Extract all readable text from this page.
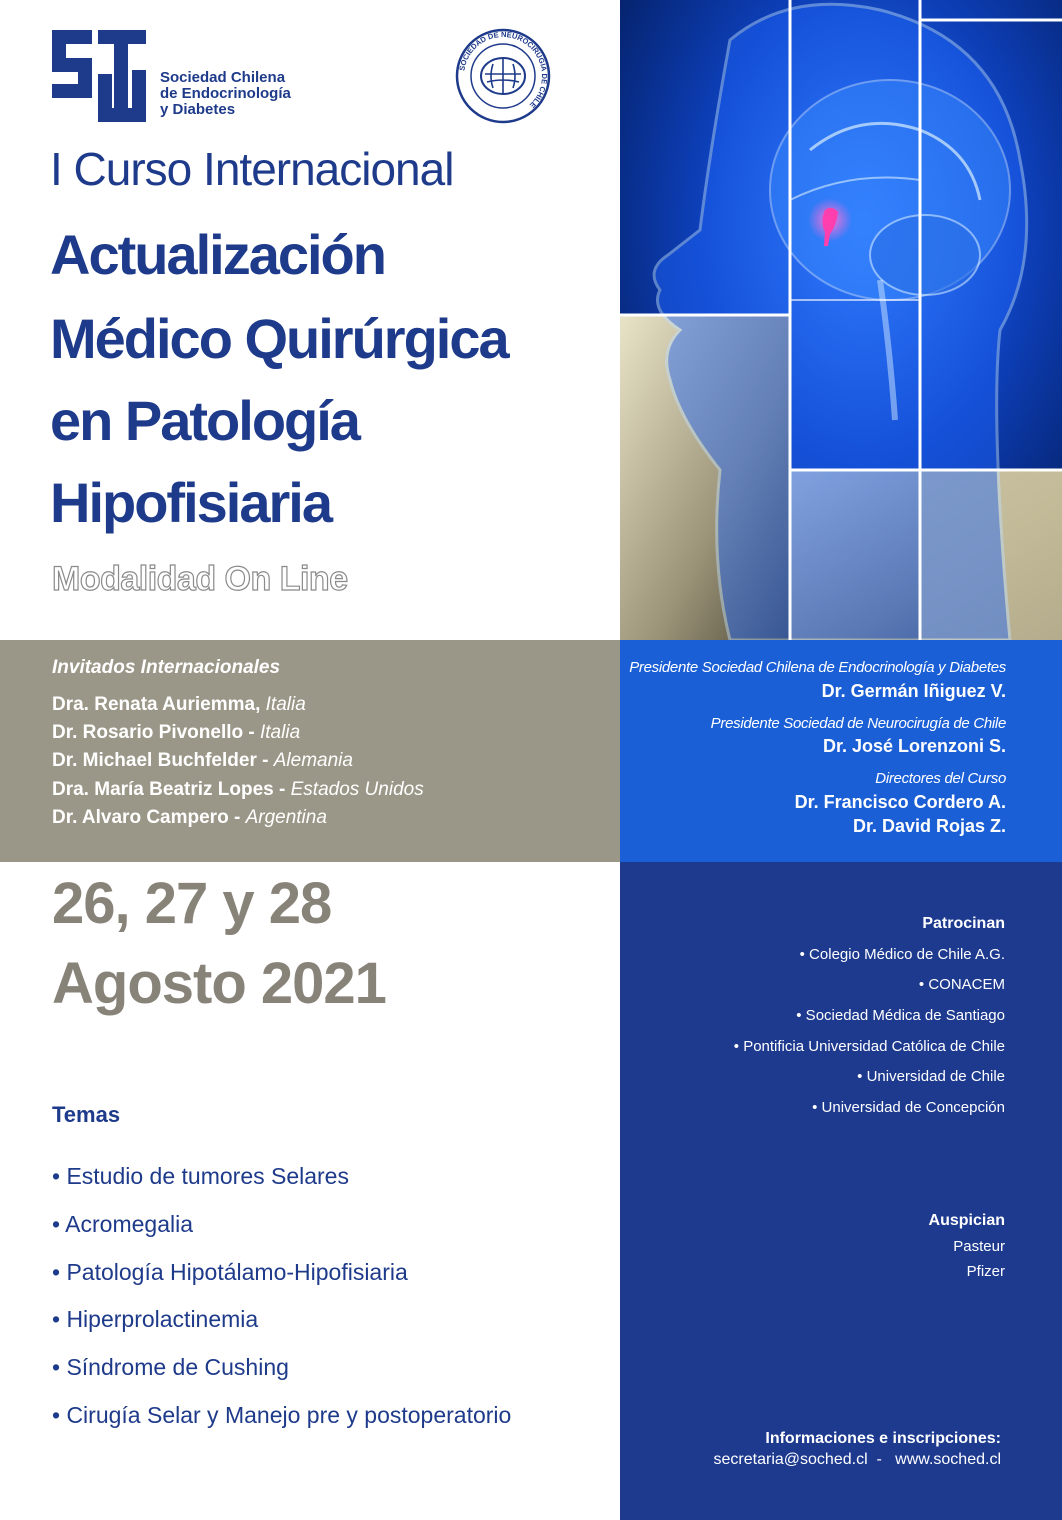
Sociedad Chilena
de Endocrinología
y Diabetes
SOCIEDAD DE NEUROCIRUGIA DE CHILE
I Curso Internacional
Actualización
Médico Quirúrgica
en Patología
Hipofisiaria
Modalidad On Line
Invitados Internacionales
Dra. Renata Auriemma, Italia
Dr. Rosario Pivonello - Italia
Dr. Michael Buchfelder - Alemania
Dra. María Beatriz Lopes - Estados Unidos
Dr. Alvaro Campero - Argentina
Presidente Sociedad Chilena de Endocrinología y Diabetes
Dr. Germán Iñiguez V.
Presidente Sociedad de Neurocirugía de Chile
Dr. José Lorenzoni S.
Directores del Curso
Dr. Francisco Cordero A.
Dr. David Rojas Z.
Patrocinan
• Colegio Médico de Chile A.G.
• CONACEM
• Sociedad Médica de Santiago
• Pontificia Universidad Católica de Chile
• Universidad de Chile
• Universidad de Concepción
Auspician
Pasteur
Pfizer
Informaciones e inscripciones:
secretaria@soched.cl  -   www.soched.cl
26, 27 y 28
Agosto 2021
Temas
• Estudio de tumores Selares
• Acromegalia
• Patología Hipotálamo-Hipofisiaria
• Hiperprolactinemia
• Síndrome de Cushing
• Cirugía Selar y Manejo pre y postoperatorio
